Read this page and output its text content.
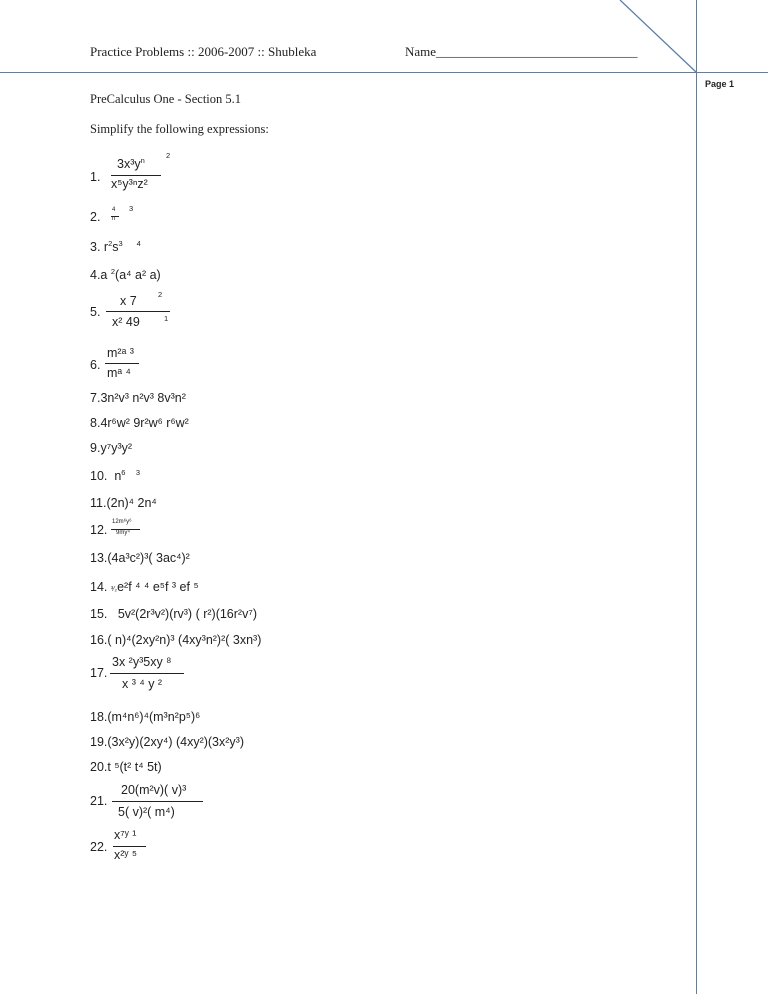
Practice Problems :: 2006-2007 :: Shubleka	Name_______________________________
Page 1
PreCalculus One - Section 5.1
Simplify the following expressions:
1.
$3x^3y^n$
x⁵y³ⁿz²
2
2. 4
n
3
3. $r^2s^3$ $^4$
4.a $^2$(a⁴ a² a)
5.
x 7
x² 49
2
1
6.
m²ᵃ ³
mᵃ ⁴
7.3n²v³ n²v³ 8v³n²
8.4r⁶w² 9r²w⁶ r⁶w²
9.y⁷y³y²
10. $n^6$ $^3$
11.(2n)⁴ 2n⁴
12.
12m⁶y⁶
9my⁴
13.(4a³c²)³( 3ac⁴)²
14. ³⁄₂e²f ⁴ ⁴ e⁵f ³ ef ⁵
15. 5v²(2r³v²)(rv³) ( r²)(16r²v⁷)
16.( n)⁴(2xy²n)³ (4xy³n²)²( 3xn³)
17.
3x ²y³5xy ⁸
x ³ ⁴ y ²
18.(m⁴n⁶)⁴(m³n²p⁵)⁶
19.(3x²y)(2xy⁴) (4xy²)(3x²y³)
20.t ⁵(t² t⁴ 5t)
21.
20(m²v)( v)³
5( v)²( m⁴)
22.
x⁷ʸ ¹
x²ʸ ⁵
